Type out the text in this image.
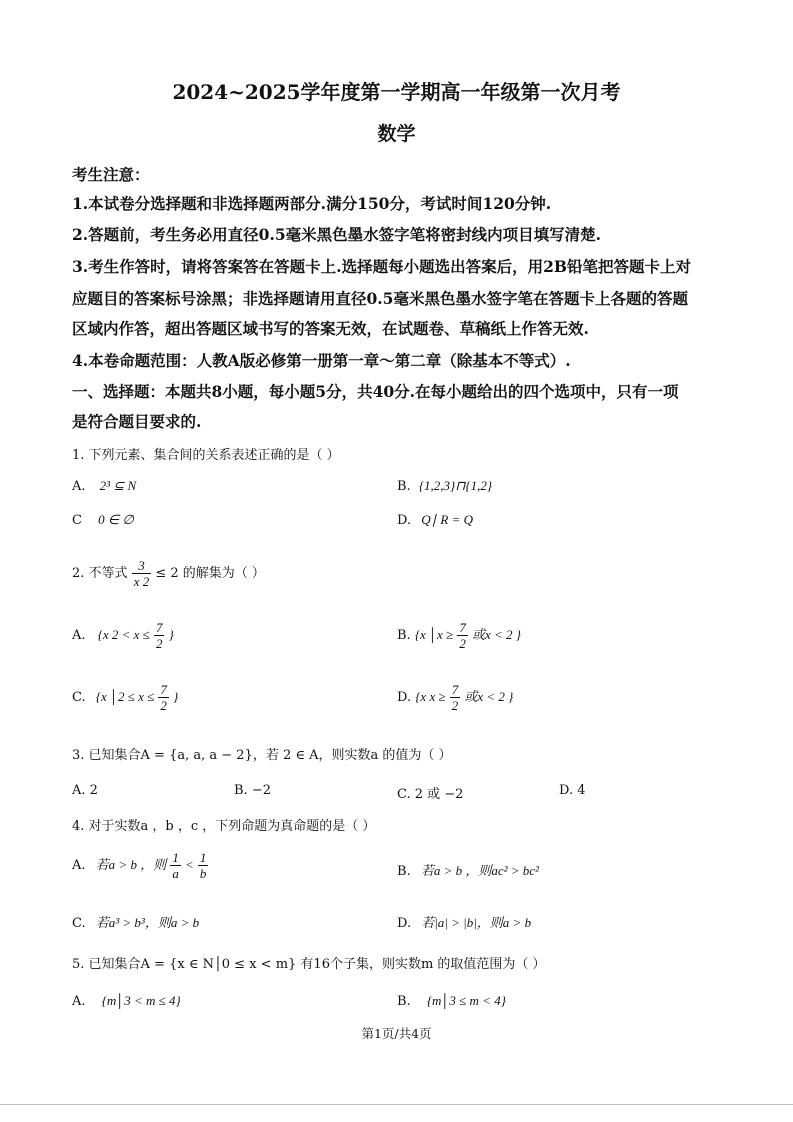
2024~2025学年度第一学期高一年级第一次月考
数学
考生注意：
1.本试卷分选择题和非选择题两部分.满分150分，考试时间120分钟.
2.答题前，考生务必用直径0.5毫米黑色墨水签字笔将密封线内项目填写清楚.
3.考生作答时，请将答案答在答题卡上.选择题每小题选出答案后，用2B铅笔把答题卡上对
应题目的答案标号涂黑；非选择题请用直径0.5毫米黑色墨水签字笔在答题卡上各题的答题
区域内作答，超出答题区域书写的答案无效，在试题卷、草稿纸上作答无效.
4.本卷命题范围：人教A版必修第一册第一章～第二章（除基本不等式）.
一、选择题：本题共8小题，每小题5分，共40分.在每小题给出的四个选项中，只有一项
是符合题目要求的.
1. 下列元素、集合间的关系表述正确的是（ ）
A. 2³ ⊆ N	B. {1,2,3}⊓{1,2}
C 0 ∈ ∅	D. Q∣ R = Q
2. 不等式 $\frac{3}{x 2} \le 2$ 的解集为（ ）
A. {x $2 < x \le \frac{7}{2}$ }	B. {x │x ≥ $\frac{7}{2}$ 或x < 2 }
C. {x │2 ≤ $x \le \frac{7}{2}$ }	D. {x $x \ge \frac{7}{2}$ 或x < 2 }
3. 已知集合A = {a, a, a − 2}，若 2 ∈ A，则实数a 的值为（ ）
A. 2	B. −2	C. 2 或 −2	D. 4
4. 对于实数a ，b ，c ，下列命题为真命题的是（ ）
A. 若a > b ，则 $\frac{1}{a} < \frac{1}{b}$	B. 若a > b ，则ac² > bc²
C. 若a³ > b³，则a > b	D. 若|a| > |b|，则a > b
5. 已知集合A = {x ∈ N│0 ≤ x < m} 有16个子集，则实数m 的取值范围为（ ）
A. {m│3 < m ≤ 4}	B. {m│3 ≤ m < 4}
第1页/共4页
